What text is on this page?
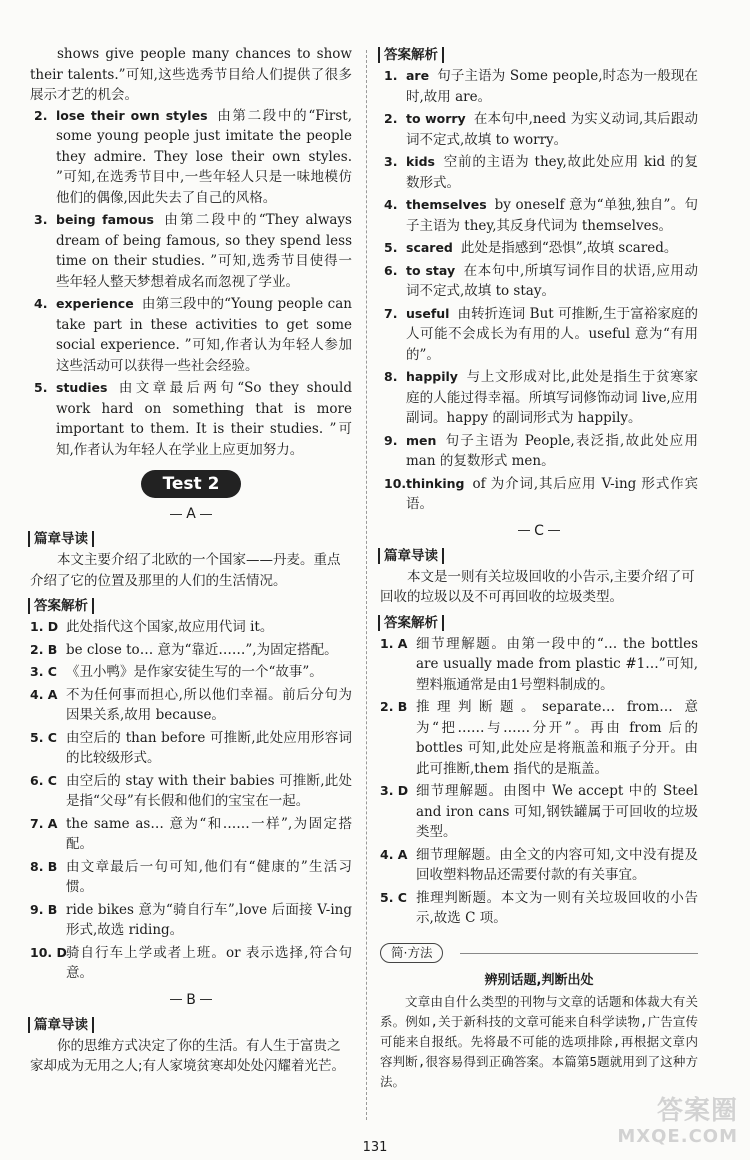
shows give people many chances to show their talents.”可知,这些选秀节目给人们提供了很多展示才艺的机会。

2. lose their own styles 由第二段中的“First, some young people just imitate the people they admire. They lose their own styles. ”可知,在选秀节目中,一些年轻人只是一味地模仿他们的偶像,因此失去了自己的风格。
3. being famous 由第二段中的“They always dream of being famous, so they spend less time on their studies. ”可知,选秀节目使得一些年轻人整天梦想着成名而忽视了学业。
4. experience 由第三段中的“Young people can take part in these activities to get some social experience. ”可知,作者认为年轻人参加这些活动可以获得一些社会经验。
5. studies 由文章最后两句“So they should work hard on something that is more important to them. It is their studies. ”可知,作者认为年轻人在学业上应更加努力。
Test 2
A
篇章导读

本文主要介绍了北欧的一个国家——丹麦。重点介绍了它的位置及那里的人们的生活情况。

答案解析
1. D 此处指代这个国家,故应用代词 it。
2. B be close to… 意为“靠近……”,为固定搭配。
3. C 《丑小鸭》是作家安徒生写的一个“故事”。
4. A 不为任何事而担心,所以他们幸福。前后分句为因果关系,故用 because。
5. C 由空后的 than before 可推断,此处应用形容词的比较级形式。
6. C 由空后的 stay with their babies 可推断,此处是指“父母”有长假和他们的宝宝在一起。
7. A the same as… 意为“和……一样”,为固定搭配。
8. B 由文章最后一句可知,他们有“健康的”生活习惯。
9. B ride bikes 意为“骑自行车”,love 后面接 V-ing 形式,故选 riding。
10. D 骑自行车上学或者上班。or 表示选择,符合句意。
B
篇章导读

你的思维方式决定了你的生活。有人生于富贵之家却成为无用之人;有人家境贫寒却处处闪耀着光芒。

答案解析
1. are 句子主语为 Some people,时态为一般现在时,故用 are。
2. to worry 在本句中,need 为实义动词,其后跟动词不定式,故填 to worry。
3. kids 空前的主语为 they,故此处应用 kid 的复数形式。
4. themselves by oneself 意为“单独,独自”。句子主语为 they,其反身代词为 themselves。
5. scared 此处是指感到“恐惧”,故填 scared。
6. to stay 在本句中,所填写词作目的状语,应用动词不定式,故填 to stay。
7. useful 由转折连词 But 可推断,生于富裕家庭的人可能不会成长为有用的人。useful 意为“有用的”。
8. happily 与上文形成对比,此处是指生于贫寒家庭的人能过得幸福。所填写词修饰动词 live,应用副词。happy 的副词形式为 happily。
9. men 句子主语为 People,表泛指,故此处应用 man 的复数形式 men。
10. thinking of 为介词,其后应用 V-ing 形式作宾语。
C
篇章导读

本文是一则有关垃圾回收的小告示,主要介绍了可回收的垃圾以及不可再回收的垃圾类型。

答案解析
1. A 细节理解题。由第一段中的“… the bottles are usually made from plastic #1…”可知,塑料瓶通常是由1号塑料制成的。
2. B 推理判断题。separate… from… 意为“把……与……分开”。再由 from 后的 bottles 可知,此处应是将瓶盖和瓶子分开。由此可推断,them 指代的是瓶盖。
3. D 细节理解题。由图中 We accept 中的 Steel and iron cans 可知,钢铁罐属于可回收的垃圾类型。
4. A 细节理解题。由全文的内容可知,文中没有提及回收塑料物品还需要付款的有关事宜。
5. C 推理判断题。本文为一则有关垃圾回收的小告示,故选 C 项。
简·方法
辨别话题,判断出处

文章由自什么类型的刊物与文章的话题和体裁大有关系。例如,关于新科技的文章可能来自科学读物,广告宣传可能来自报纸。先将最不可能的选项排除,再根据文章内容判断,很容易得到正确答案。本篇第5题就用到了这种方法。

131
答案圈
MXQE.COM
